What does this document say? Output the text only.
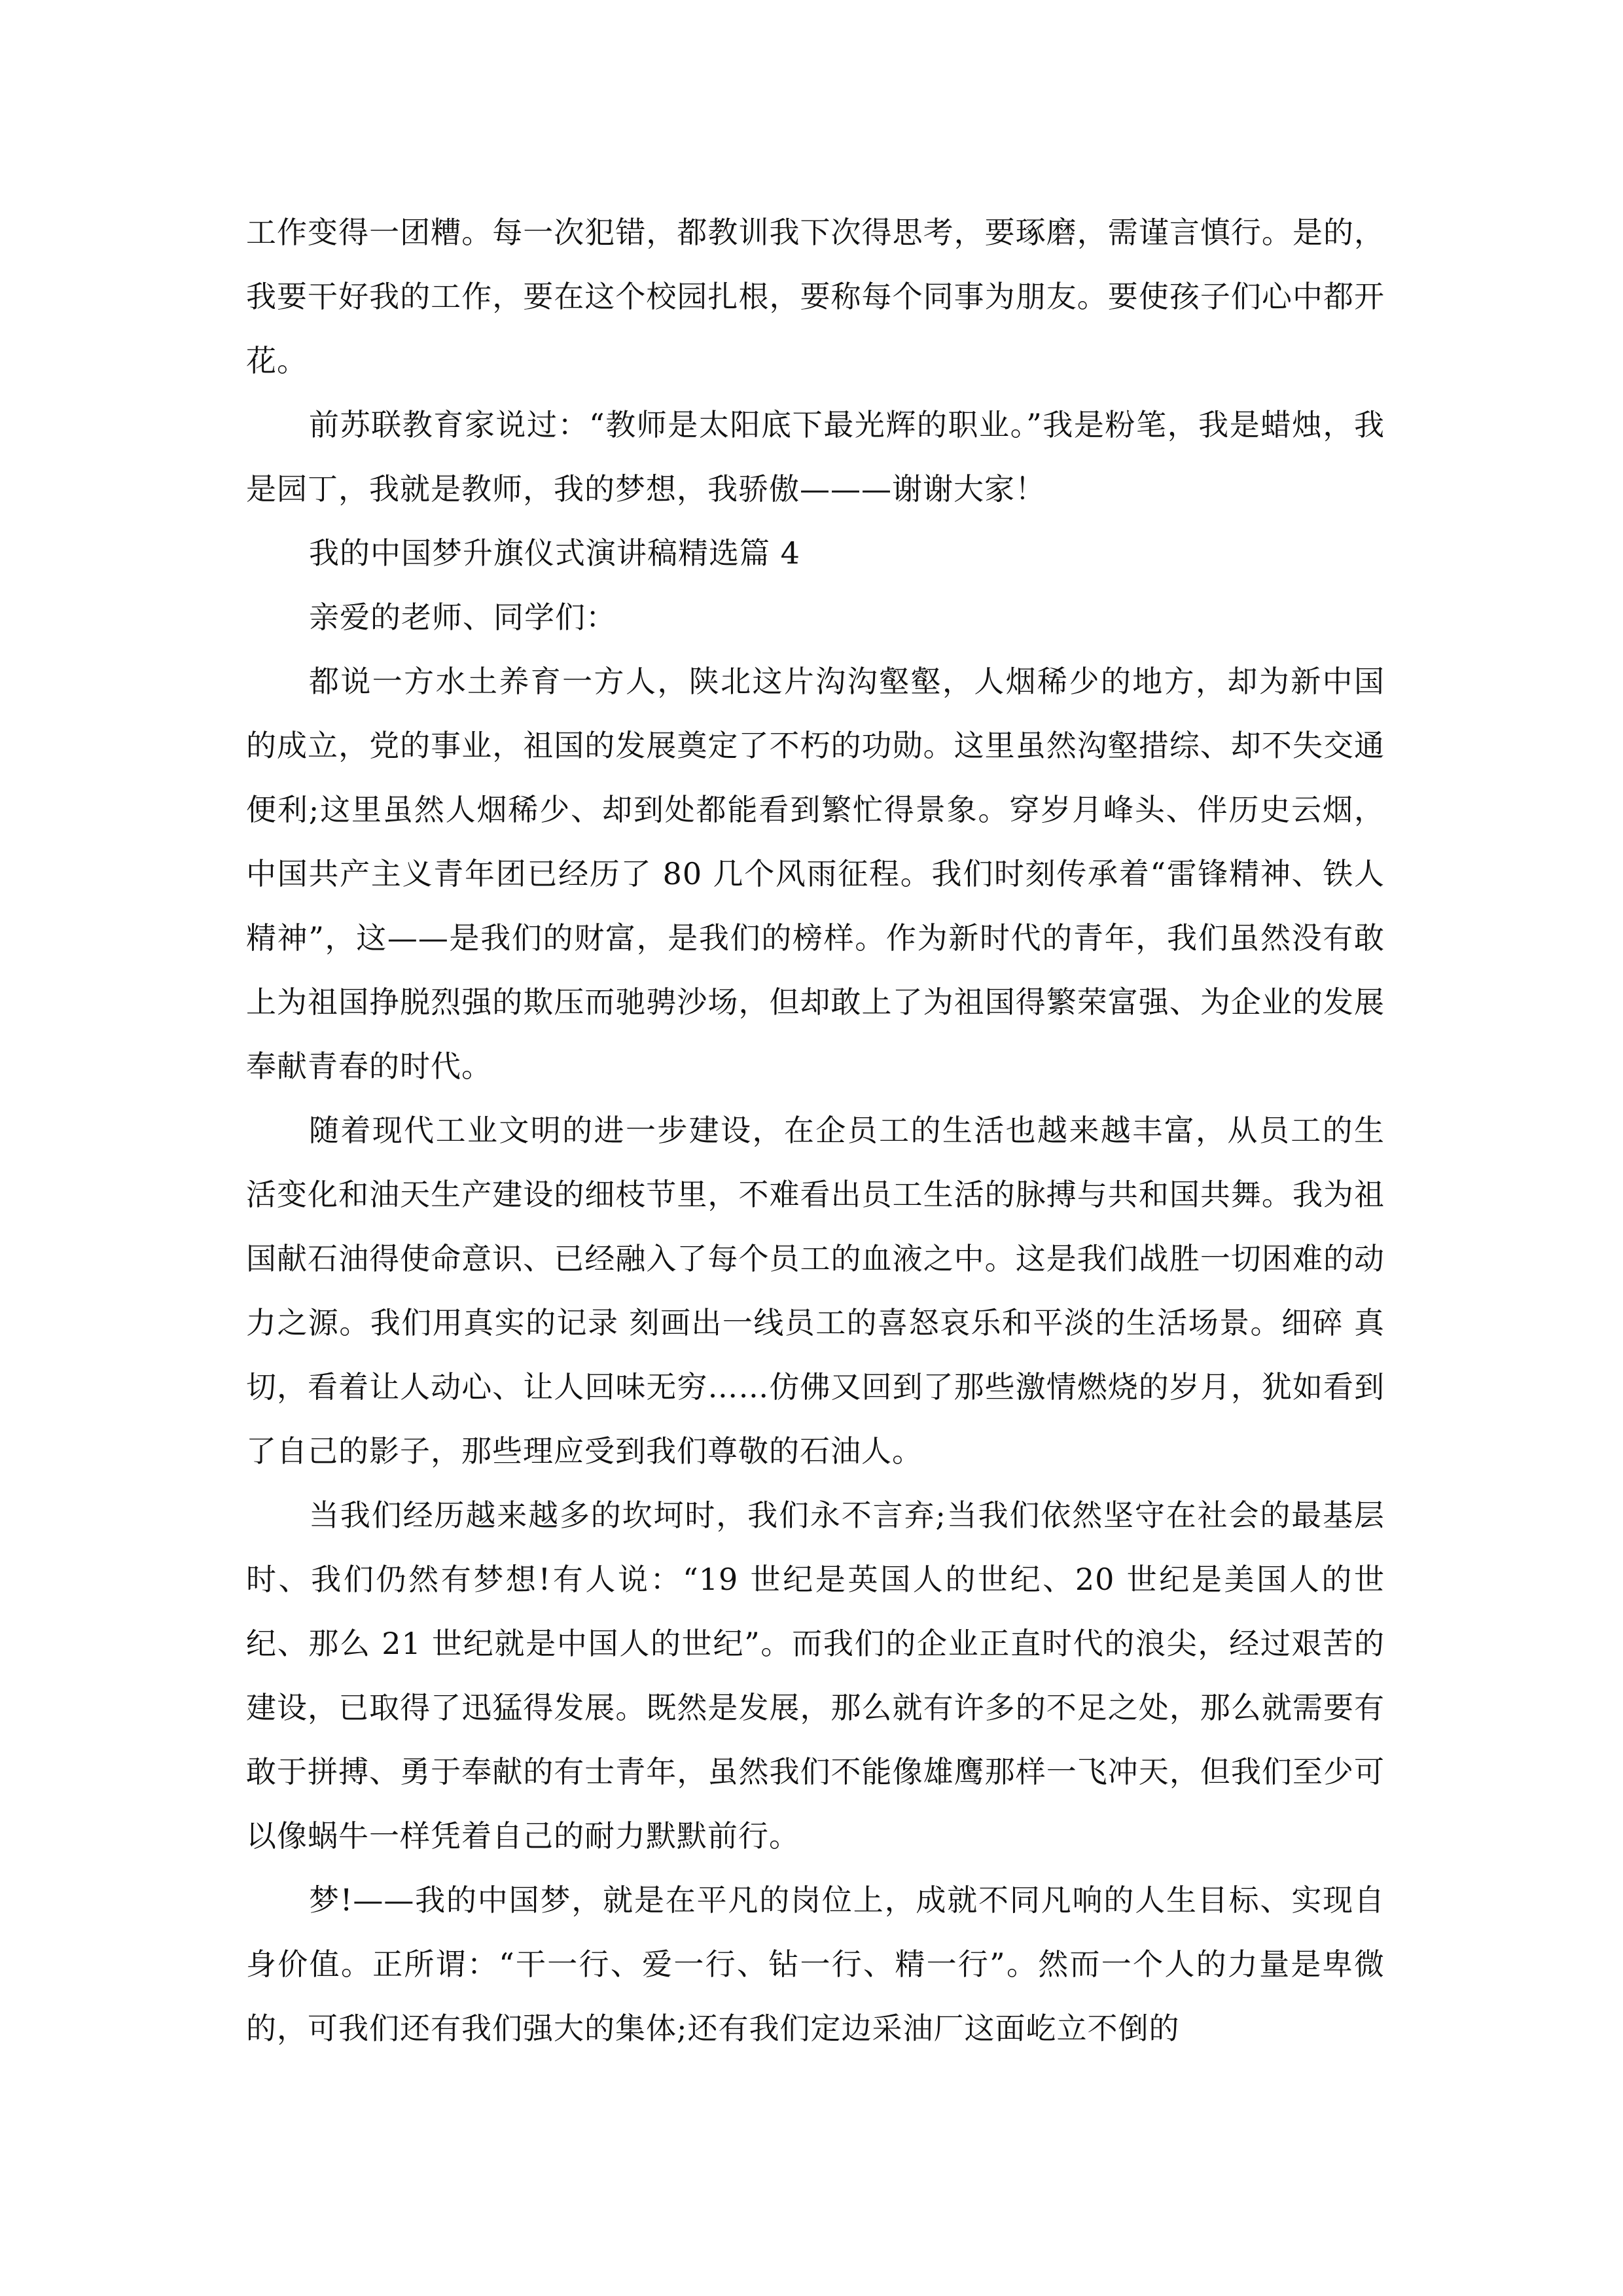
工作变得一团糟。每一次犯错，都教训我下次得思考，要琢磨，需谨言慎行。是的，我要干好我的工作，要在这个校园扎根，要称每个同事为朋友。要使孩子们心中都开花。

前苏联教育家说过：“教师是太阳底下最光辉的职业。”我是粉笔，我是蜡烛，我是园丁，我就是教师，我的梦想，我骄傲———谢谢大家！

我的中国梦升旗仪式演讲稿精选篇 4

亲爱的老师、同学们：

都说一方水土养育一方人，陕北这片沟沟壑壑，人烟稀少的地方，却为新中国的成立，党的事业，祖国的发展奠定了不朽的功勋。这里虽然沟壑措综、却不失交通便利;这里虽然人烟稀少、却到处都能看到繁忙得景象。穿岁月峰头、伴历史云烟，中国共产主义青年团已经历了 80 几个风雨征程。我们时刻传承着“雷锋精神、铁人精神”，这——是我们的财富，是我们的榜样。作为新时代的青年，我们虽然没有敢上为祖国挣脱烈强的欺压而驰骋沙场，但却敢上了为祖国得繁荣富强、为企业的发展奉献青春的时代。

随着现代工业文明的进一步建设，在企员工的生活也越来越丰富，从员工的生活变化和油天生产建设的细枝节里，不难看出员工生活的脉搏与共和国共舞。我为祖国献石油得使命意识、已经融入了每个员工的血液之中。这是我们战胜一切困难的动力之源。我们用真实的记录 刻画出一线员工的喜怒哀乐和平淡的生活场景。细碎 真切，看着让人动心、让人回味无穷……仿佛又回到了那些激情燃烧的岁月，犹如看到了自己的影子，那些理应受到我们尊敬的石油人。

当我们经历越来越多的坎坷时，我们永不言弃;当我们依然坚守在社会的最基层时、我们仍然有梦想!有人说：“19 世纪是英国人的世纪、20 世纪是美国人的世纪、那么 21 世纪就是中国人的世纪”。而我们的企业正直时代的浪尖，经过艰苦的建设，已取得了迅猛得发展。既然是发展，那么就有许多的不足之处，那么就需要有敢于拼搏、勇于奉献的有士青年，虽然我们不能像雄鹰那样一飞冲天，但我们至少可以像蜗牛一样凭着自己的耐力默默前行。

梦!——我的中国梦，就是在平凡的岗位上，成就不同凡响的人生目标、实现自身价值。正所谓：“干一行、爱一行、钻一行、精一行”。然而一个人的力量是卑微的，可我们还有我们强大的集体;还有我们定边采油厂这面屹立不倒的
